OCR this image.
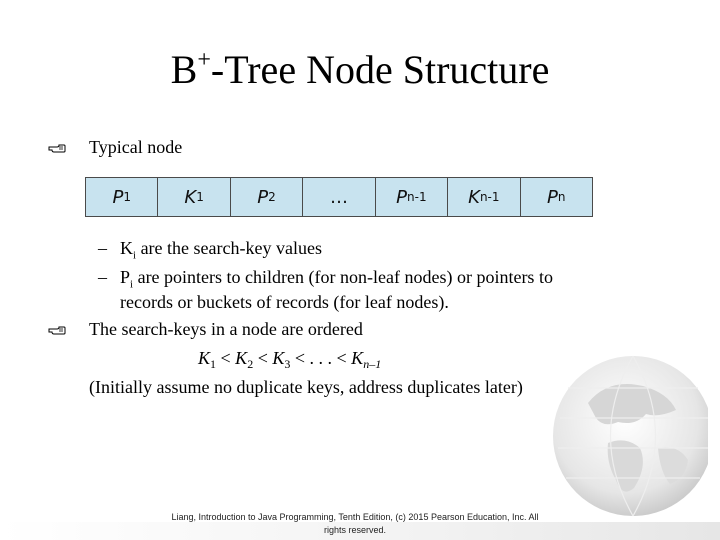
B+-Tree Node Structure
Typical node
P 1	K 1	P 2	…	P n-1 K n-1	P n
– $K_i$ are the search-key values
– $P_i$ are pointers to children (for non-leaf nodes) or pointers to
records or buckets of records (for leaf nodes).
The search-keys in a node are ordered
$K_1 < K_2 < K_3$ < . . . < $K_{n-1}$
(Initially assume no duplicate keys, address duplicates later)
Liang, Introduction to Java Programming, Tenth Edition, (c) 2015 Pearson Education, Inc. All
rights reserved.
